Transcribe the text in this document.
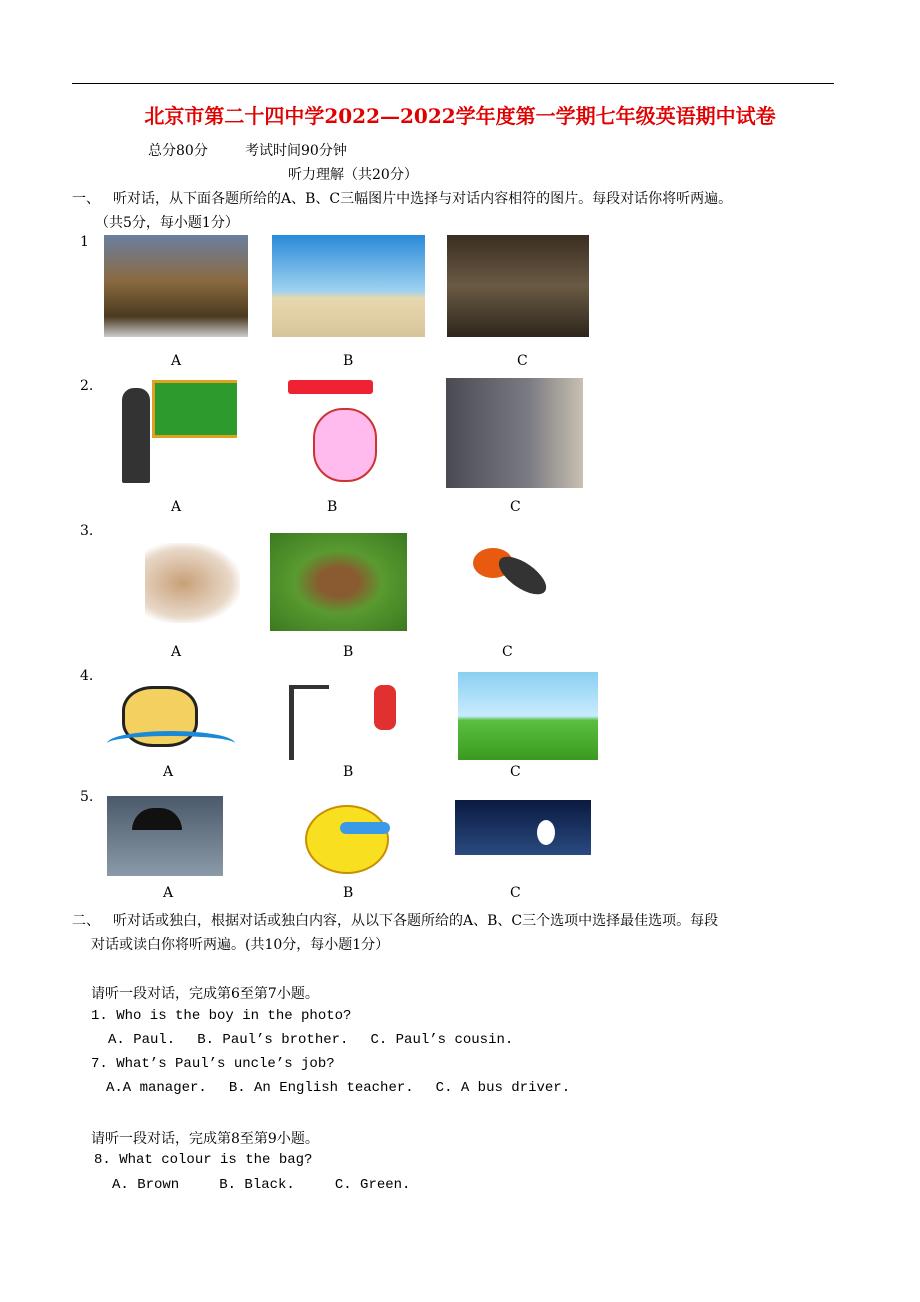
北京市第二十四中学2022—2022学年度第一学期七年级英语期中试卷
总分80分	考试时间90分钟
听力理解（共20分）
一、 听对话，从下面各题所给的A、B、C三幅图片中选择与对话内容相符的图片。每段对话你将听两遍。
（共5分，每小题1分）
1
A	B	C
2.
A	B	C
3.
A	B	C
4.
A	B	C
5.
A	B	C
二、 听对话或独白，根据对话或独白内容，从以下各题所给的A、B、C三个选项中选择最佳选项。每段
对话或读白你将听两遍。(共10分，每小题1分）
请听一段对话，完成第6至第7小题。
1. Who is the boy in the photo?
A. Paul. B. Paul’s brother. C. Paul’s cousin.
7. What’s Paul’s uncle’s job?
A.A manager. B. An English teacher. C. A bus driver.
请听一段对话，完成第8至第9小题。
8. What colour is the bag?
A. Brown	B. Black.	C. Green.
